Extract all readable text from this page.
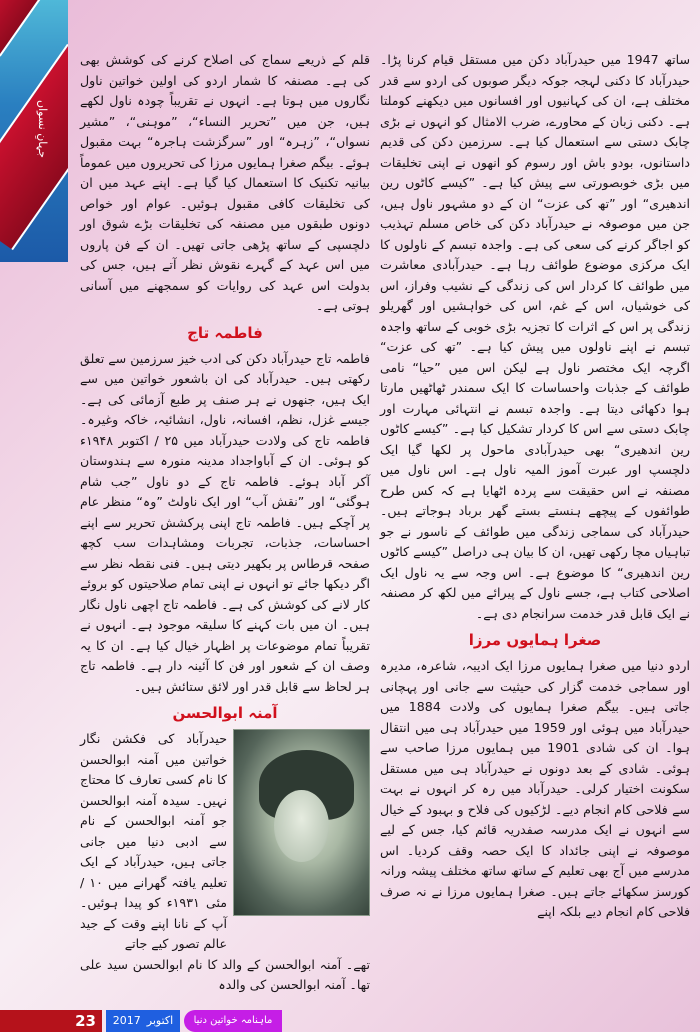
جہانِ نسواں

ساتھ 1947 میں حیدرآباد دکن میں مستقل قیام کرنا پڑا۔ حیدرآباد کا دکنی لہجہ جوکہ دیگر صوبوں کی اردو سے قدر مختلف ہے، ان کی کہانیوں اور افسانوں میں دیکھنے کوملتا ہے۔ دکنی زبان کے محاورے، ضرب الامثال کو انہوں نے بڑی چابک دستی سے استعمال کیا ہے۔ سرزمین دکن کی قدیم داستانوں، بودو باش اور رسوم کو انھوں نے اپنی تخلیقات میں بڑی خوبصورتی سے پیش کیا ہے۔ ”کیسے کاٹوں رین اندھیری“ اور ”تھ کی عزت“ ان کے دو مشہور ناول ہیں، جن میں موصوفہ نے حیدرآباد دکن کی خاص مسلم تہذیب کو اجاگر کرنے کی سعی کی ہے۔ واجدہ تبسم کے ناولوں کا ایک مرکزی موضوع طوائف رہا ہے۔ حیدرآبادی معاشرت میں طوائف کا کردار اس کی زندگی کے نشیب وفراز، اس کی خوشیاں، اس کے غم، اس کی خواہشیں اور گھریلو زندگی پر اس کے اثرات کا تجزیہ بڑی خوبی کے ساتھ واجدہ تبسم نے اپنے ناولوں میں پیش کیا ہے۔ ”تھ کی عزت“ اگرچہ ایک مختصر ناول ہے لیکن اس میں ”حیا“ نامی طوائف کے جذبات واحساسات کا ایک سمندر ٹھاٹھیں مارتا ہوا دکھائی دیتا ہے۔ واجدہ تبسم نے انتہائی مہارت اور چابک دستی سے اس کا کردار تشکیل کیا ہے۔ ”کیسے کاٹوں رین اندھیری“ بھی حیدرآبادی ماحول پر لکھا گیا ایک دلچسپ اور عبرت آموز المیہ ناول ہے۔ اس ناول میں مصنفہ نے اس حقیقت سے پردہ اٹھایا ہے کہ کس طرح طوائفوں کے پیچھے ہنستے بستے گھر برباد ہوجاتے ہیں۔ حیدرآباد کی سماجی زندگی میں طوائف کے ناسور نے جو تباہیاں مچا رکھی تھیں، ان کا بیان ہی دراصل ”کیسے کاٹوں رین اندھیری“ کا موضوع ہے۔ اس وجہ سے یہ ناول ایک اصلاحی کتاب ہے، جسے ناول کے پیرائے میں لکھ کر مصنفہ نے ایک قابل قدر خدمت سرانجام دی ہے۔

صغرا ہمایوں مرزا

اردو دنیا میں صغرا ہمایوں مرزا ایک ادیبہ، شاعرہ، مدیرہ اور سماجی خدمت گزار کی حیثیت سے جانی اور پہچانی جاتی ہیں۔ بیگم صغرا ہمایوں کی ولادت 1884 میں حیدرآباد میں ہوئی اور 1959 میں حیدرآباد ہی میں انتقال ہوا۔ ان کی شادی 1901 میں ہمایوں مرزا صاحب سے ہوئی۔ شادی کے بعد دونوں نے حیدرآباد ہی میں مستقل سکونت اختیار کرلی۔ حیدرآباد میں رہ کر انہوں نے بہت سے فلاحی کام انجام دیے۔ لڑکیوں کی فلاح و بہبود کے خیال سے انہوں نے ایک مدرسہ صفدریہ قائم کیا، جس کے لیے موصوفہ نے اپنی جائداد کا ایک حصہ وقف کردیا۔ اس مدرسے میں آج بھی تعلیم کے ساتھ ساتھ مختلف پیشہ ورانہ کورسز سکھائے جاتے ہیں۔ صغرا ہمایوں مرزا نے نہ صرف فلاحی کام انجام دیے بلکہ اپنے

قلم کے ذریعے سماج کی اصلاح کرنے کی کوشش بھی کی ہے۔ مصنفہ کا شمار اردو کی اولین خواتین ناول نگاروں میں ہوتا ہے۔ انہوں نے تقریباً چودہ ناول لکھے ہیں، جن میں ”تحریر النساء“، ”موہنی“، ”مشیر نسواں“، ”زہرہ“ اور ”سرگزشت ہاجرہ“ بہت مقبول ہوئے۔ بیگم صغرا ہمایوں مرزا کی تحریروں میں عموماً بیانیہ تکنیک کا استعمال کیا گیا ہے۔ اپنے عہد میں ان کی تخلیقات کافی مقبول ہوئیں۔ عوام اور خواص دونوں طبقوں میں مصنفہ کی تخلیقات بڑے شوق اور دلچسپی کے ساتھ پڑھی جاتی تھیں۔ ان کے فن پاروں میں اس عہد کے گہرے نقوش نظر آتے ہیں، جس کی بدولت اس عہد کی روایات کو سمجھنے میں آسانی ہوتی ہے۔

فاطمہ تاج

فاطمہ تاج حیدرآباد دکن کی ادب خیز سرزمین سے تعلق رکھتی ہیں۔ حیدرآباد کی ان باشعور خواتین میں سے ایک ہیں، جنھوں نے ہر صنف پر طبع آزمائی کی ہے۔ جیسے غزل، نظم، افسانہ، ناول، انشائیہ، خاکہ وغیرہ۔ فاطمہ تاج کی ولادت حیدرآباد میں ۲۵ / اکتوبر ۱۹۴۸ء کو ہوئی۔ ان کے آباواجداد مدینہ منورہ سے ہندوستان آکر آباد ہوئے۔ فاطمہ تاج کے دو ناول ”جب شام ہوگئی“ اور ”نقش آب“ اور ایک ناولٹ ”وہ“ منظر عام پر آچکے ہیں۔ فاطمہ تاج اپنی پرکشش تحریر سے اپنے احساسات، جذبات، تجربات ومشاہدات سب کچھ صفحہ قرطاس پر بکھیر دیتی ہیں۔ فنی نقطہ نظر سے اگر دیکھا جائے تو انہوں نے اپنی تمام صلاحیتوں کو بروئے کار لانے کی کوشش کی ہے۔ فاطمہ تاج اچھی ناول نگار ہیں۔ ان میں بات کہنے کا سلیقہ موجود ہے۔ انہوں نے تقریباً تمام موضوعات پر اظہار خیال کیا ہے۔ ان کا یہ وصف ان کے شعور اور فن کا آئینہ دار ہے۔ فاطمہ تاج ہر لحاظ سے قابل قدر اور لائق ستائش ہیں۔

آمنہ ابوالحسن

حیدرآباد کی فکشن نگار خواتین میں آمنہ ابوالحسن کا نام کسی تعارف کا محتاج نہیں۔ سیدہ آمنہ ابوالحسن جو آمنہ ابوالحسن کے نام سے ادبی دنیا میں جانی جاتی ہیں، حیدرآباد کے ایک تعلیم یافتہ گھرانے میں ۱۰ / مئی ۱۹۳۱ء کو پیدا ہوئیں۔ آپ کے نانا اپنے وقت کے جید عالم تصور کیے جاتے

تھے۔ آمنہ ابوالحسن کے والد کا نام ابوالحسن سید علی تھا۔ آمنہ ابوالحسن کی والدہ

23	2017 اکتوبر	ماہنامہ خواتین دنیا
